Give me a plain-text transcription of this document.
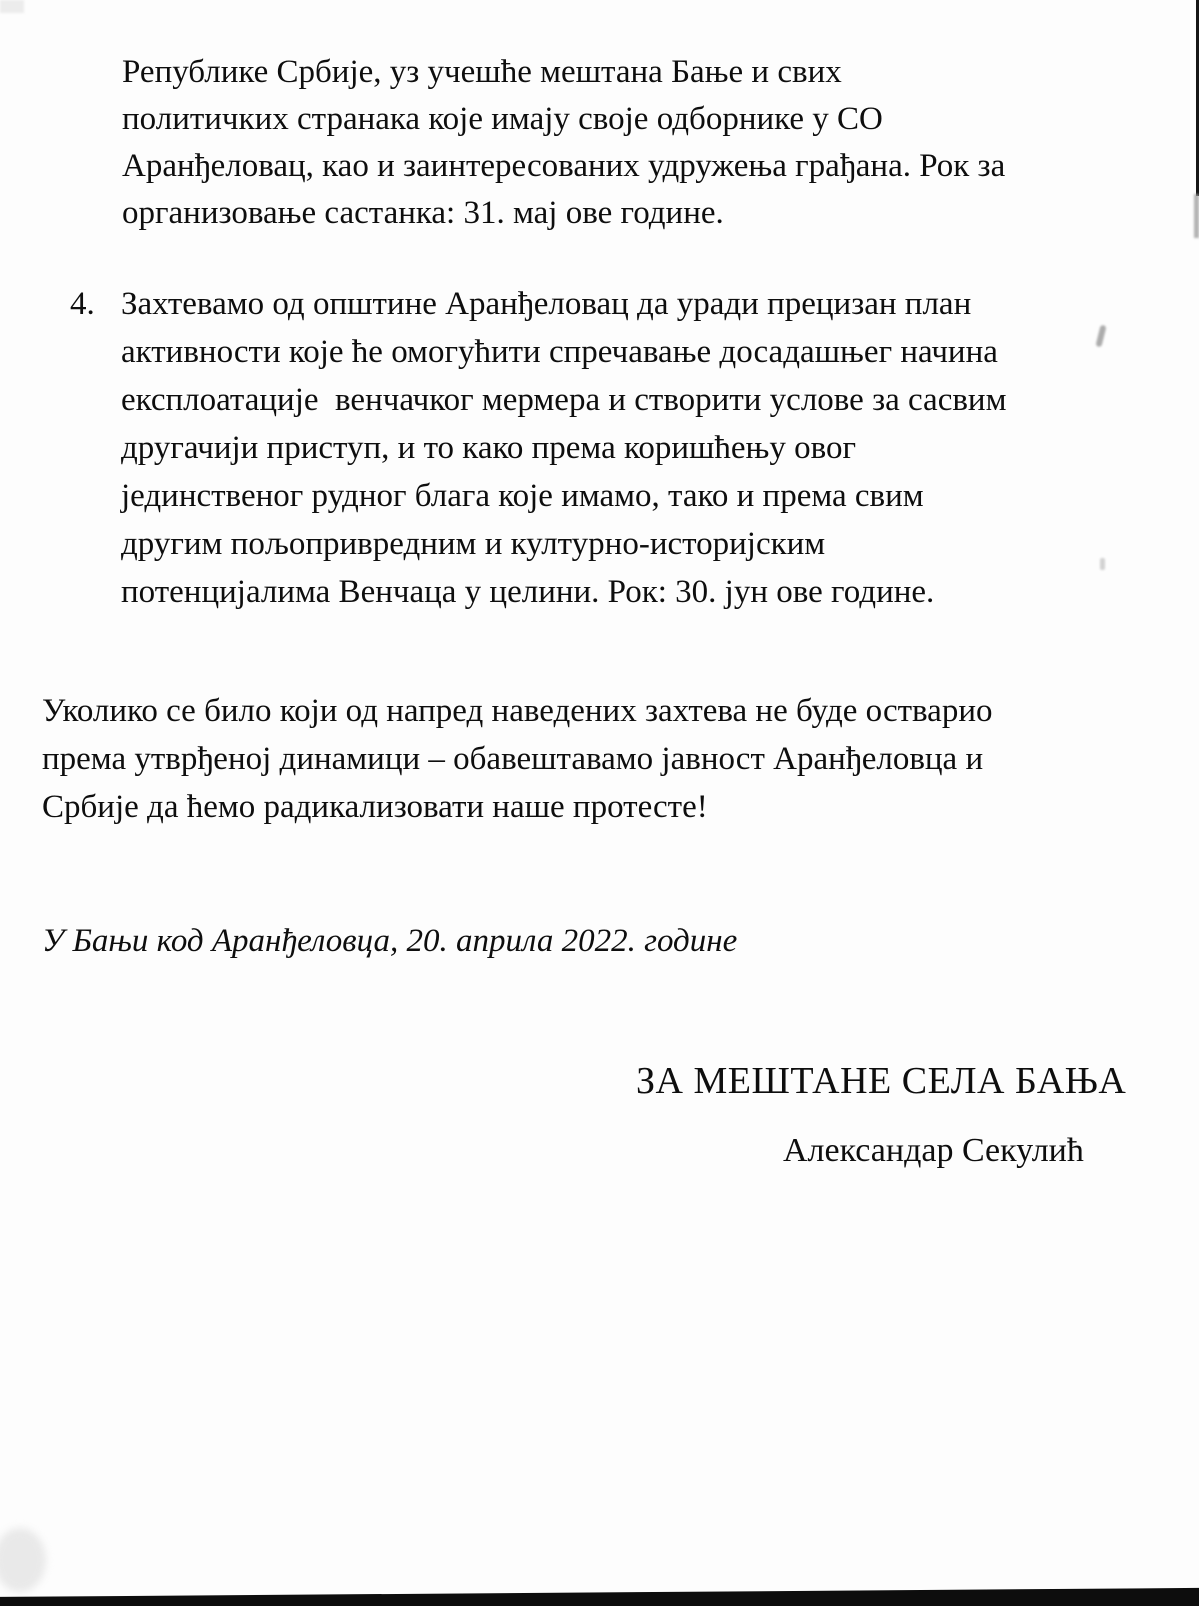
Републике Србије, уз учешће мештана Бање и свих
политичких странака које имају своје одборнике у СО
Аранђеловац, као и заинтересованих удружења грађана. Рок за
организовање састанка: 31. мај ове године.
4. Захтевамо од општине Аранђеловац да уради прецизан план
активности које ће омогућити спречавање досадашњег начина
експлоатације  венчачког мермера и створити услове за сасвим
другачији приступ, и то како према коришћењу овог
јединственог рудног блага које имамо, тако и према свим
другим пољопривредним и културно-историјским
потенцијалима Венчаца у целини. Рок: 30. јун ове године.
Уколико се било који од напред наведених захтева не буде остварио
према утврђеној динамици – обавештавамо јавност Аранђеловца и
Србије да ћемо радикализовати наше протесте!
У Бањи код Аранђеловца, 20. априла 2022. године
ЗА МЕШТАНЕ СЕЛА БАЊА
Александар Секулић
